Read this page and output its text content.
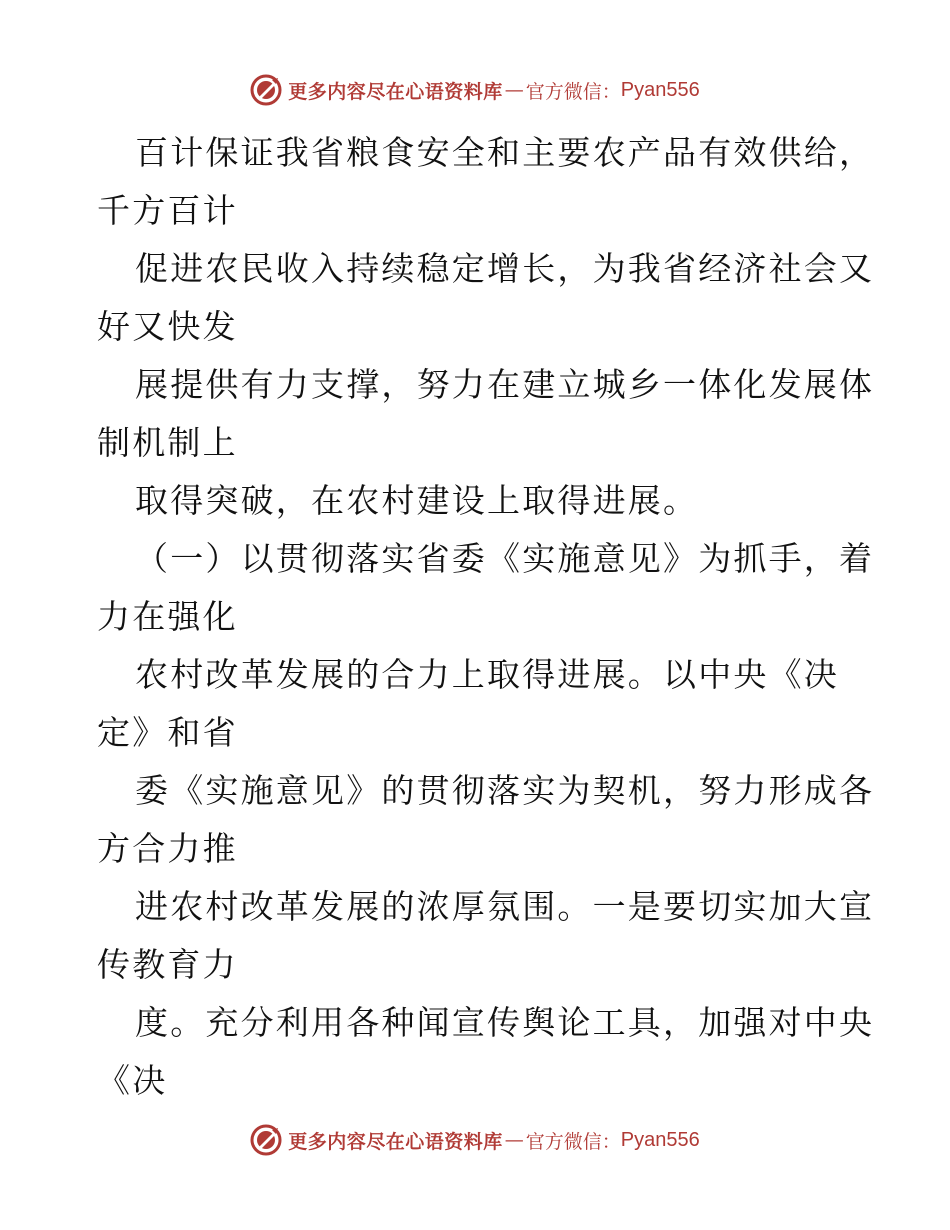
更多内容尽在心语资料库 — 官方微信： Pyan556
百计保证我省粮食安全和主要农产品有效供给，
千方百计
促进农民收入持续稳定增长，为我省经济社会又
好又快发
展提供有力支撑，努力在建立城乡一体化发展体
制机制上
取得突破，在农村建设上取得进展。
（一）以贯彻落实省委《实施意见》为抓手，着
力在强化
农村改革发展的合力上取得进展。以中央《决
定》和省
委《实施意见》的贯彻落实为契机，努力形成各
方合力推
进农村改革发展的浓厚氛围。一是要切实加大宣
传教育力
度。充分利用各种闻宣传舆论工具，加强对中央
《决
更多内容尽在心语资料库 — 官方微信： Pyan556
